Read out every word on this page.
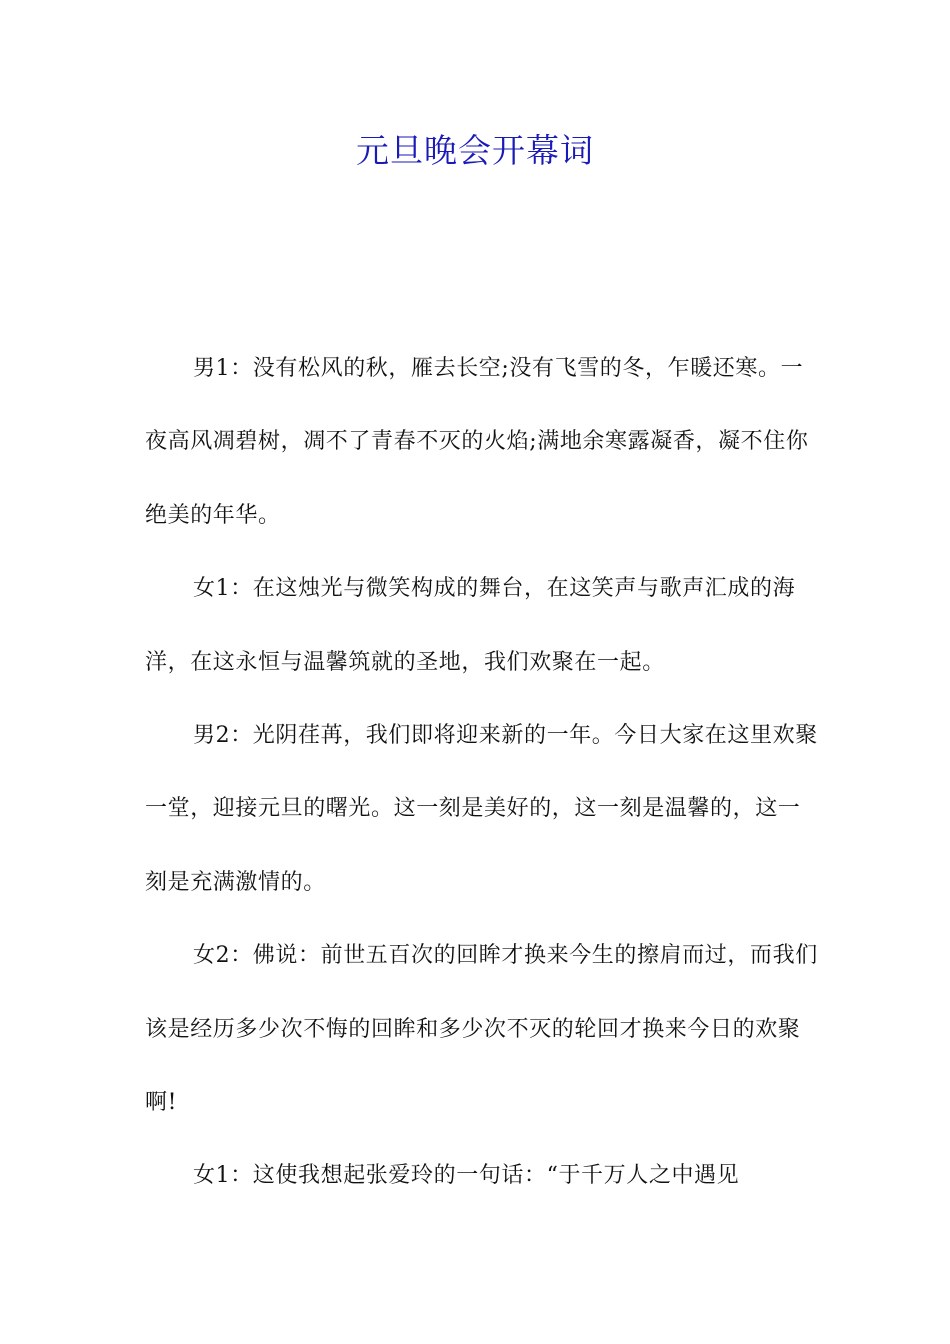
元旦晚会开幕词

男1：没有松风的秋，雁去长空;没有飞雪的冬，乍暖还寒。一夜高风凋碧树，凋不了青春不灭的火焰;满地余寒露凝香，凝不住你绝美的年华。

女1：在这烛光与微笑构成的舞台，在这笑声与歌声汇成的海洋，在这永恒与温馨筑就的圣地，我们欢聚在一起。

男2：光阴荏苒，我们即将迎来新的一年。今日大家在这里欢聚一堂，迎接元旦的曙光。这一刻是美好的，这一刻是温馨的，这一刻是充满激情的。

女2：佛说：前世五百次的回眸才换来今生的擦肩而过，而我们该是经历多少次不悔的回眸和多少次不灭的轮回才换来今日的欢聚啊!

女1：这使我想起张爱玲的一句话：“于千万人之中遇见
